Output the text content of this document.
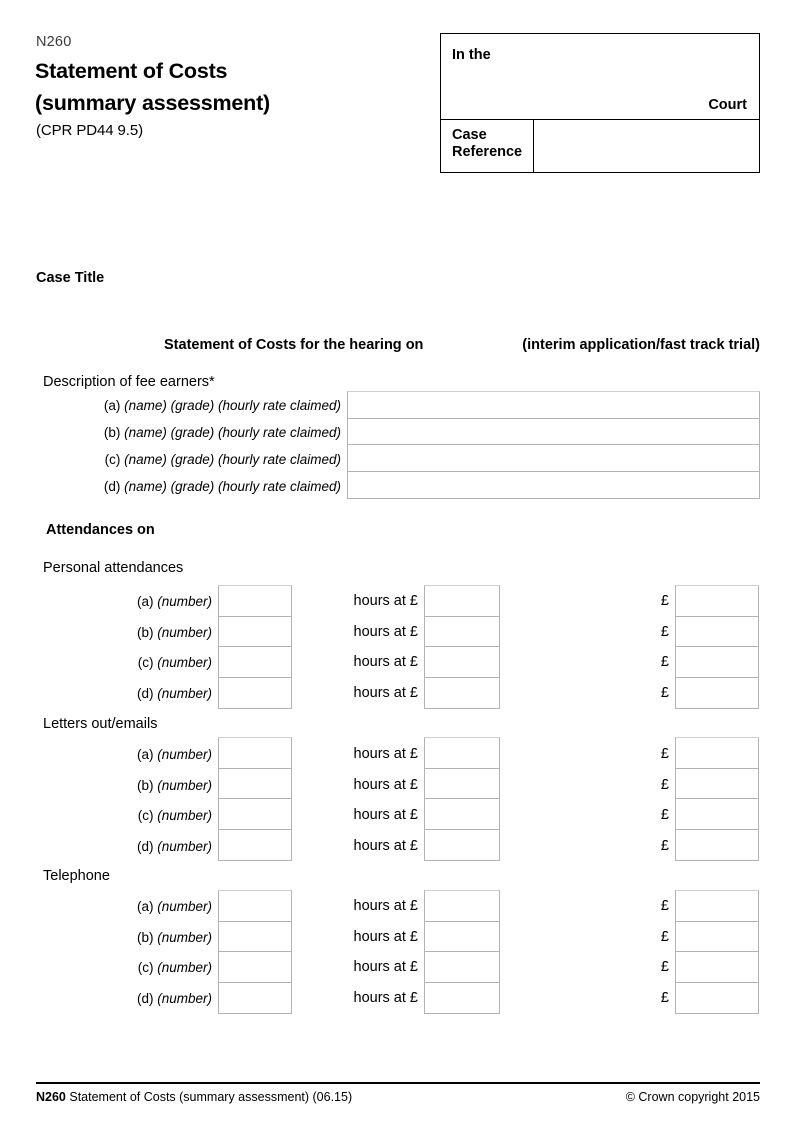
N260
Statement of Costs
(summary assessment)
(CPR PD44 9.5)
In the
Court
Case
Reference
Case Title
Statement of Costs for the hearing on	(interim application/fast track trial)
Description of fee earners*
(a) (name) (grade) (hourly rate claimed)
(b) (name) (grade) (hourly rate claimed)
(c) (name) (grade) (hourly rate claimed)
(d) (name) (grade) (hourly rate claimed)
Attendances on
Personal attendances
(a) (number)
(b) (number)
(c) (number)
(d) (number)
hours at £
hours at £
hours at £
hours at £
£
£
£
£
Letters out/emails
(a) (number)
(b) (number)
(c) (number)
(d) (number)
hours at £
hours at £
hours at £
hours at £
£
£
£
£
Telephone
(a) (number)
(b) (number)
(c) (number)
(d) (number)
hours at £
hours at £
hours at £
hours at £
£
£
£
£
N260 Statement of Costs (summary assessment) (06.15)	© Crown copyright 2015
